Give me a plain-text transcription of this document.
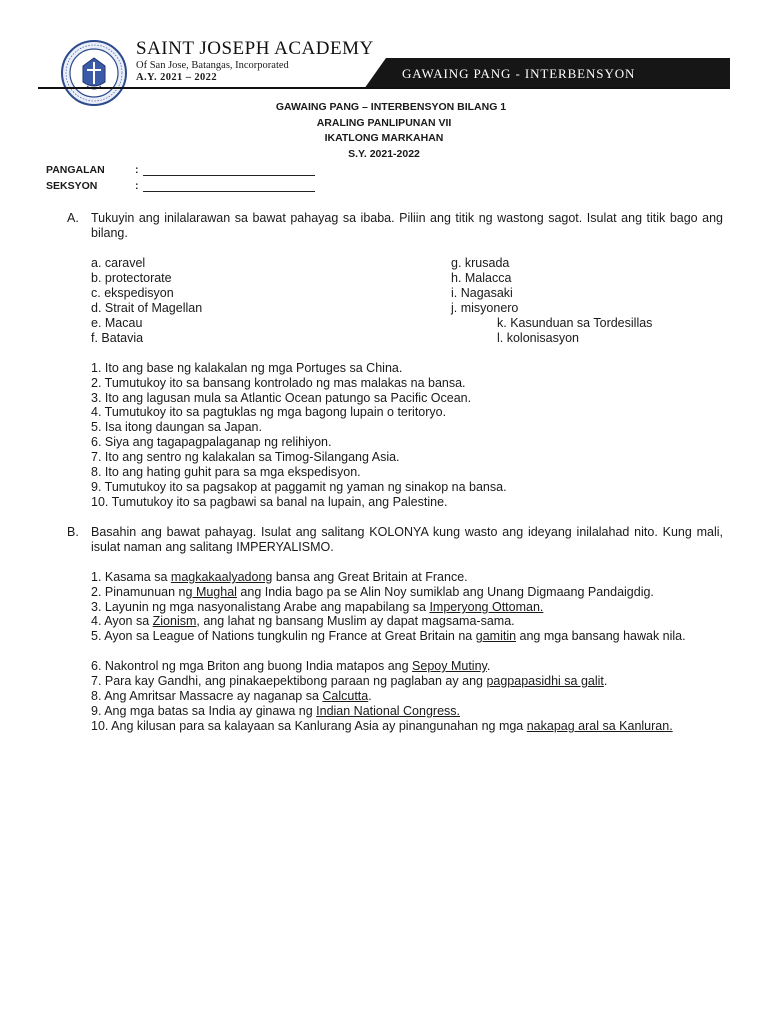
SAINT JOSEPH ACADEMY
Of San Jose, Batangas, Incorporated
A.Y. 2021 – 2022	GAWAING PANG - INTERBENSYON
GAWAING PANG – INTERBENSYON BILANG 1
ARALING PANLIPUNAN VII
IKATLONG MARKAHAN
S.Y. 2021-2022
PANGALAN	:
SEKSYON	:
A. Tukuyin ang inilalarawan sa bawat pahayag sa ibaba. Piliin ang titik ng wastong sagot. Isulat ang titik bago ang bilang.
a. caravel
b. protectorate
c. ekspedisyon
d. Strait of Magellan
e. Macau
f. Batavia
g. krusada
h. Malacca
i. Nagasaki
j. misyonero
k. Kasunduan sa Tordesillas
l. kolonisasyon
1. Ito ang base ng kalakalan ng mga Portuges sa China.
2. Tumutukoy ito sa bansang kontrolado ng mas malakas na bansa.
3. Ito ang lagusan mula sa Atlantic Ocean patungo sa Pacific Ocean.
4. Tumutukoy ito sa pagtuklas ng mga bagong lupain o teritoryo.
5. Isa itong daungan sa Japan.
6. Siya ang tagapagpalaganap ng relihiyon.
7. Ito ang sentro ng kalakalan sa Timog-Silangang Asia.
8. Ito ang hating guhit para sa mga ekspedisyon.
9. Tumutukoy ito sa pagsakop at paggamit ng yaman ng sinakop na bansa.
10. Tumutukoy ito sa pagbawi sa banal na lupain, ang Palestine.
B. Basahin ang bawat pahayag. Isulat ang salitang KOLONYA kung wasto ang ideyang inilalahad nito. Kung mali, isulat naman ang salitang IMPERYALISMO.
1. Kasama sa magkakaalyadong bansa ang Great Britain at France.
2. Pinamunuan ng Mughal ang India bago pa se Alin Noy sumiklab ang Unang Digmaang Pandaigdig.
3. Layunin ng mga nasyonalistang Arabe ang mapabilang sa Imperyong Ottoman.
4. Ayon sa Zionism, ang lahat ng bansang Muslim ay dapat magsama-sama.
5. Ayon sa League of Nations tungkulin ng France at Great Britain na gamitin ang mga bansang hawak nila.
6. Nakontrol ng mga Briton ang buong India matapos ang Sepoy Mutiny.
7. Para kay Gandhi, ang pinakaepektibong paraan ng paglaban ay ang pagpapasidhi sa galit.
8. Ang Amritsar Massacre ay naganap sa Calcutta.
9. Ang mga batas sa India ay ginawa ng Indian National Congress.
10. Ang kilusan para sa kalayaan sa Kanlurang Asia ay pinangunahan ng mga nakapag aral sa Kanluran.
